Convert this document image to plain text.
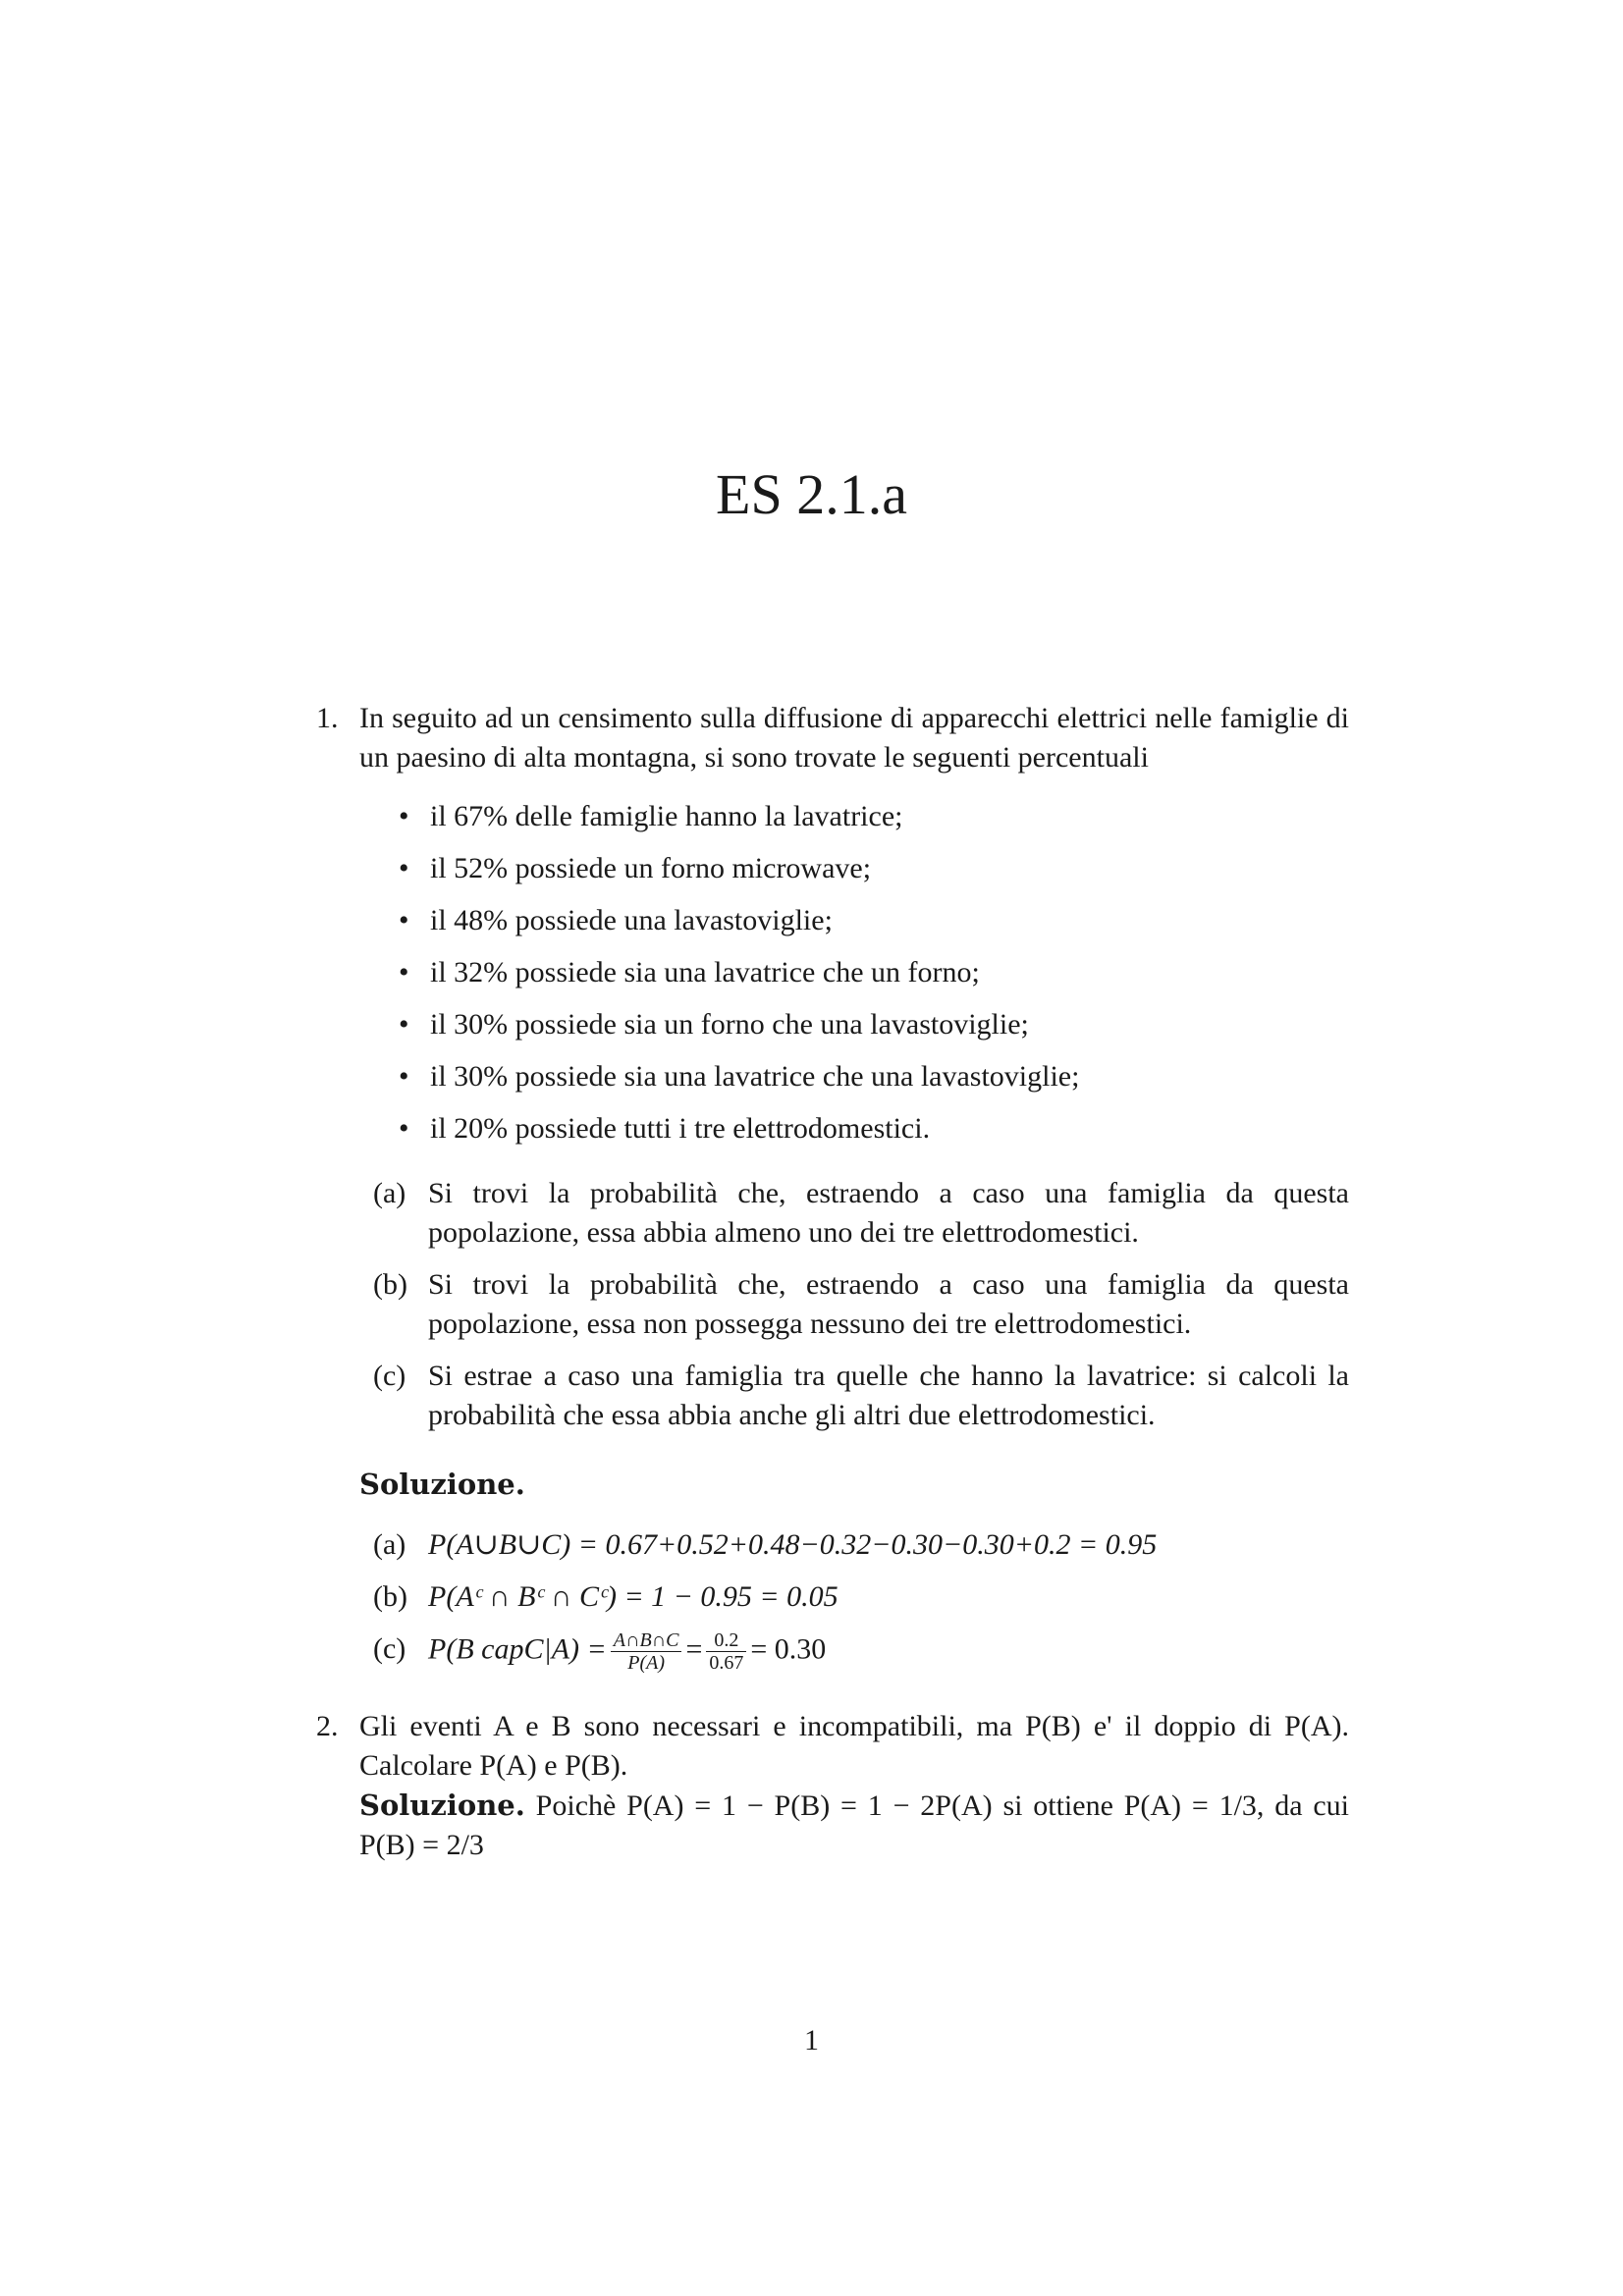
ES 2.1.a
1. In seguito ad un censimento sulla diffusione di apparecchi elettrici nelle famiglie di un paesino di alta montagna, si sono trovate le seguenti percentuali
• il 67% delle famiglie hanno la lavatrice;
• il 52% possiede un forno microwave;
• il 48% possiede una lavastoviglie;
• il 32% possiede sia una lavatrice che un forno;
• il 30% possiede sia un forno che una lavastoviglie;
• il 30% possiede sia una lavatrice che una lavastoviglie;
• il 20% possiede tutti i tre elettrodomestici.
(a) Si trovi la probabilità che, estraendo a caso una famiglia da questa popolazione, essa abbia almeno uno dei tre elettrodomestici.
(b) Si trovi la probabilità che, estraendo a caso una famiglia da questa popolazione, essa non possegga nessuno dei tre elettrodomestici.
(c) Si estrae a caso una famiglia tra quelle che hanno la lavatrice: si calcoli la probabilità che essa abbia anche gli altri due elettrodomestici.
Soluzione.
(a) P(A∪B∪C) = 0.67+0.52+0.48−0.32−0.30−0.30+0.2 = 0.95
(b) P(Aᶜ ∩ Bᶜ ∩ Cᶜ) = 1 − 0.95 = 0.05
(c) P(B capC|A) = $\frac{A\cap B\cap C}{P(A)} = \frac{0.2}{0.67} = 0.30$
2. Gli eventi A e B sono necessari e incompatibili, ma P(B) e' il doppio di P(A). Calcolare P(A) e P(B).
Soluzione. Poichè P(A) = 1 − P(B) = 1 − 2P(A) si ottiene P(A) = 1/3, da cui P(B) = 2/3
1
